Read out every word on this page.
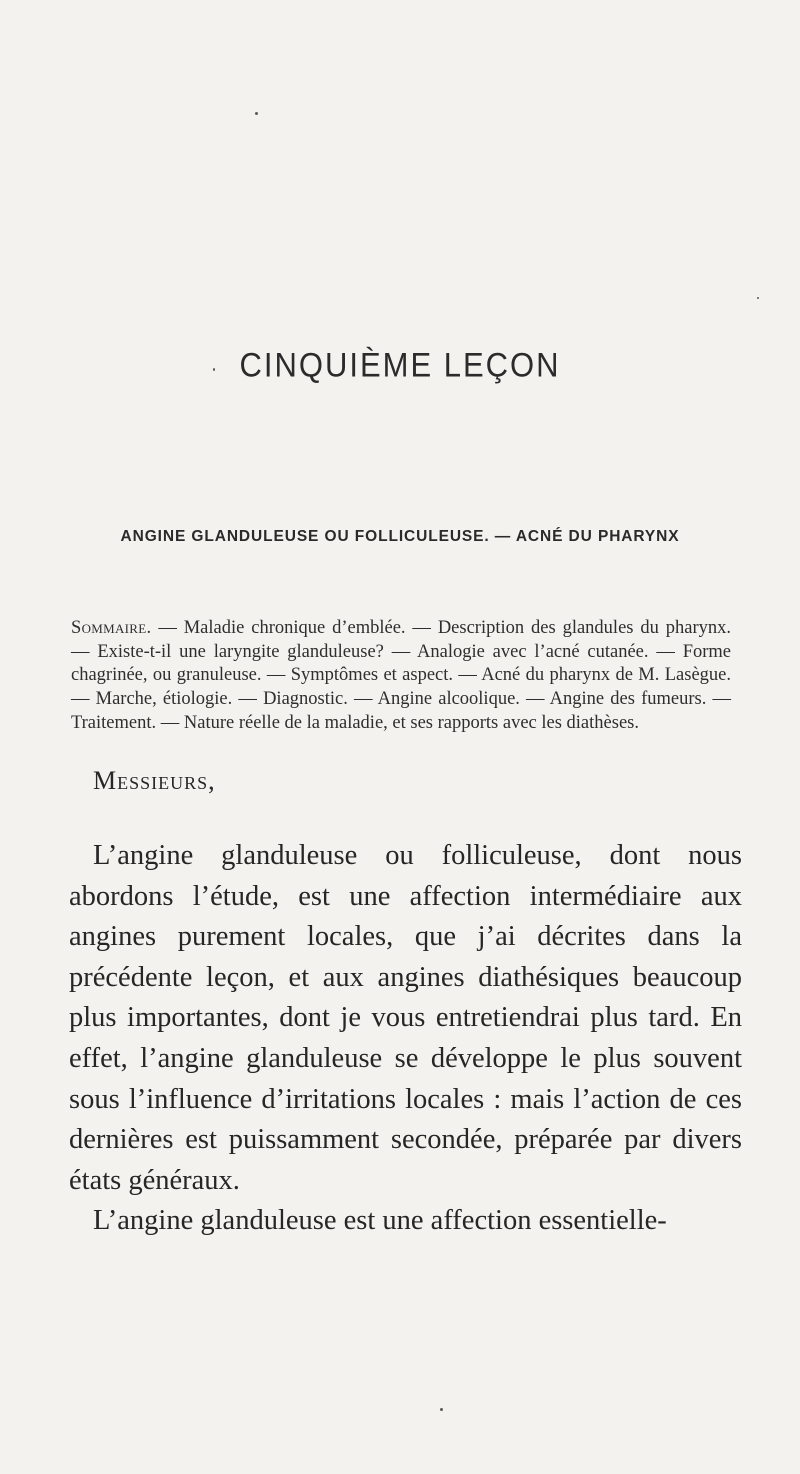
CINQUIÈME LEÇON
ANGINE GLANDULEUSE OU FOLLICULEUSE. — ACNÉ DU PHARYNX
Sommaire. — Maladie chronique d’emblée. — Description des glandules du pharynx. — Existe-t-il une laryngite glanduleuse? — Analogie avec l’acné cutanée. — Forme chagrinée, ou granuleuse. — Symptômes et aspect. — Acné du pharynx de M. Lasègue. — Marche, étiologie. — Diagnostic. — Angine alcoolique. — Angine des fumeurs. — Traitement. — Nature réelle de la maladie, et ses rapports avec les diathèses.
Messieurs,

L’angine glanduleuse ou folliculeuse, dont nous abordons l’étude, est une affection intermédiaire aux angines purement locales, que j’ai décrites dans la précédente leçon, et aux angines diathésiques beaucoup plus importantes, dont je vous entretiendrai plus tard. En effet, l’angine glanduleuse se développe le plus souvent sous l’influence d’irritations locales : mais l’action de ces dernières est puissamment secondée, préparée par divers états généraux.

L’angine glanduleuse est une affection essentielle-
